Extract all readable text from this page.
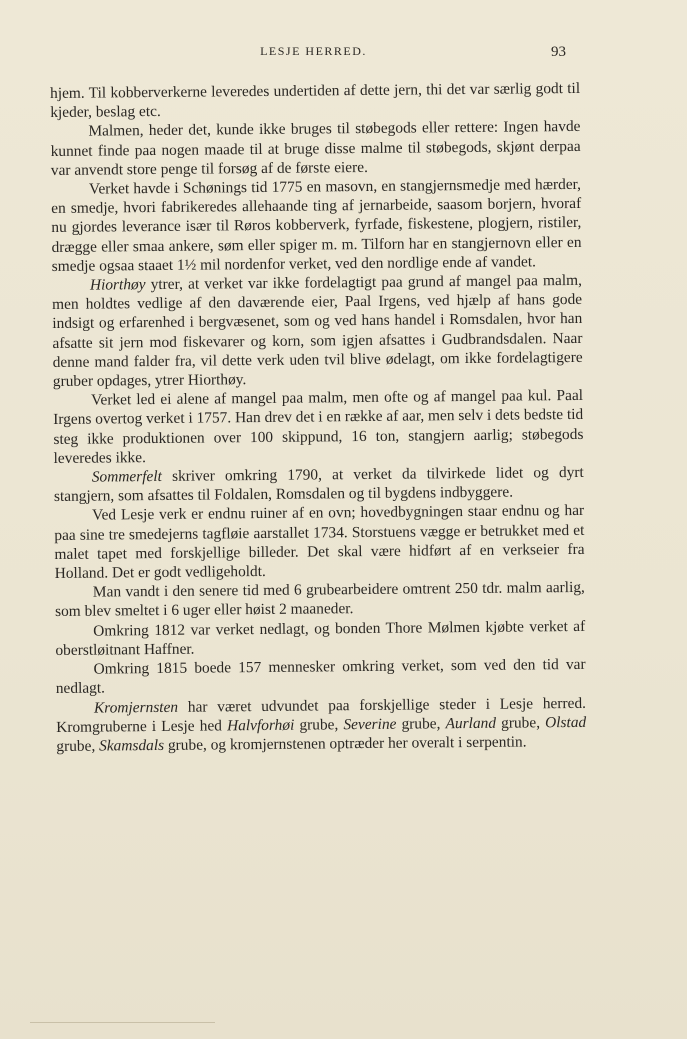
LESJE HERRED.	93

hjem. Til kobberverkerne leveredes undertiden af dette jern, thi det var særlig godt til kjeder, beslag etc.

Malmen, heder det, kunde ikke bruges til støbegods eller rettere: Ingen havde kunnet finde paa nogen maade til at bruge disse malme til støbegods, skjønt derpaa var anvendt store penge til forsøg af de første eiere.

Verket havde i Schønings tid 1775 en masovn, en stangjernsmedje med hærder, en smedje, hvori fabrikeredes allehaande ting af jernarbeide, saasom borjern, hvoraf nu gjordes leverance især til Røros kobberverk, fyrfade, fiskestene, plogjern, ristiler, drægge eller smaa ankere, søm eller spiger m. m. Tilforn har en stangjernovn eller en smedje ogsaa staaet 1½ mil nordenfor verket, ved den nordlige ende af vandet.

Hiorthøy ytrer, at verket var ikke fordelagtigt paa grund af mangel paa malm, men holdtes vedlige af den daværende eier, Paal Irgens, ved hjælp af hans gode indsigt og erfarenhed i bergvæsenet, som og ved hans handel i Romsdalen, hvor han afsatte sit jern mod fiskevarer og korn, som igjen afsattes i Gudbrandsdalen. Naar denne mand falder fra, vil dette verk uden tvil blive ødelagt, om ikke fordelagtigere gruber opdages, ytrer Hiorthøy.

Verket led ei alene af mangel paa malm, men ofte og af mangel paa kul. Paal Irgens overtog verket i 1757. Han drev det i en række af aar, men selv i dets bedste tid steg ikke produktionen over 100 skippund, 16 ton, stangjern aarlig; støbegods leveredes ikke.

Sommerfelt skriver omkring 1790, at verket da tilvirkede lidet og dyrt stangjern, som afsattes til Foldalen, Romsdalen og til bygdens indbyggere.

Ved Lesje verk er endnu ruiner af en ovn; hovedbygningen staar endnu og har paa sine tre smedejerns tagfløie aarstallet 1734. Storstuens vægge er betrukket med et malet tapet med forskjellige billeder. Det skal være hidført af en verkseier fra Holland. Det er godt vedligeholdt.

Man vandt i den senere tid med 6 grubearbeidere omtrent 250 tdr. malm aarlig, som blev smeltet i 6 uger eller høist 2 maaneder.

Omkring 1812 var verket nedlagt, og bonden Thore Mølmen kjøbte verket af oberstløitnant Haffner.

Omkring 1815 boede 157 mennesker omkring verket, som ved den tid var nedlagt.

Kromjernsten har været udvundet paa forskjellige steder i Lesje herred. Kromgruberne i Lesje hed Halvforhøi grube, Severine grube, Aurland grube, Olstad grube, Skamsdals grube, og kromjernstenen optræder her overalt i serpentin.
